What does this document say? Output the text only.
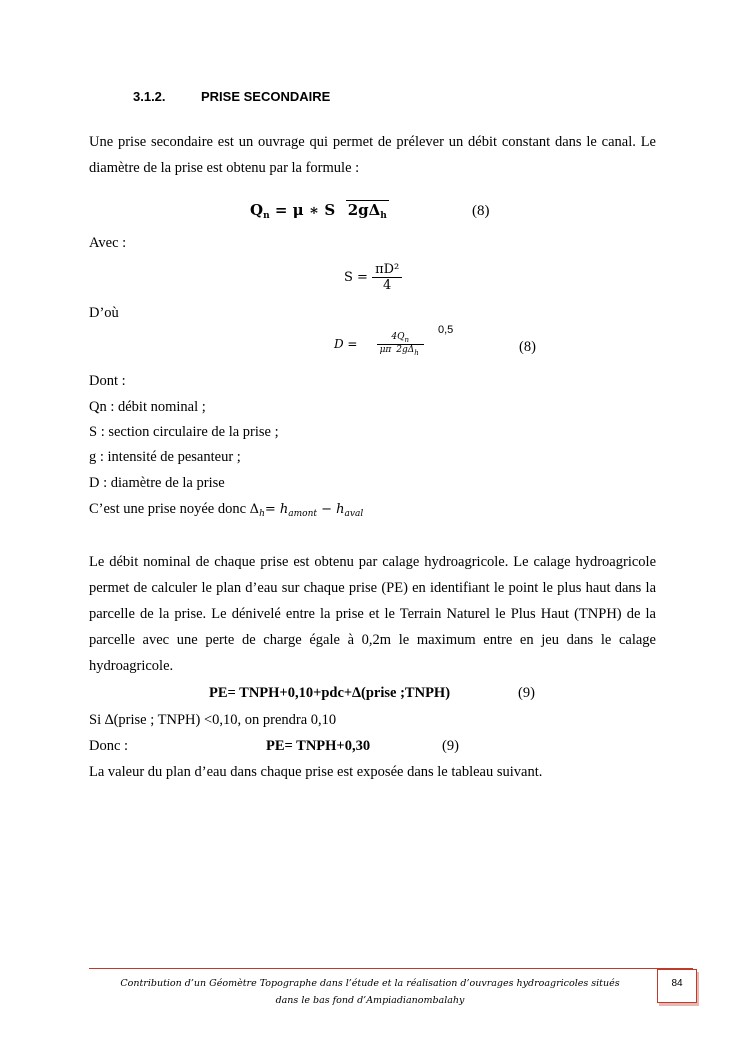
3.1.2.	PRISE SECONDAIRE
Une prise secondaire est un ouvrage qui permet de prélever un débit constant dans le canal. Le diamètre de la prise est obtenu par la formule :
$Q_n = \mu$ ∗ S  $2g\Delta_h$	(8)
Avec :
$S = \frac{\text{πD²}}{4}$
D’où
$D = \frac{4Q_n}{\mu\pi 2g\Delta_h}$
0,5
(8)
Dont :
Qn : débit nominal ;
S : section circulaire de la prise ;
g : intensité de pesanteur ;
D : diamètre de la prise
C’est une prise noyée donc $\Delta_h= h_{amont} - h_{aval}$
Le débit nominal de chaque prise est obtenu par calage hydroagricole. Le calage hydroagricole permet de calculer le plan d’eau sur chaque prise (PE) en identifiant le point le plus haut dans la parcelle de la prise. Le dénivelé entre la prise et le Terrain Naturel le Plus Haut (TNPH) de la parcelle avec une perte de charge égale à 0,2m le maximum entre en jeu dans le calage hydroagricole.
PE= TNPH+0,10+pdc+∆(prise ;TNPH)	(9)
Si ∆(prise ; TNPH) <0,10, on prendra 0,10
Donc :	PE= TNPH+0,30	(9)
La valeur du plan d’eau dans chaque prise est exposée dans le tableau suivant.
Contribution d’un Géomètre Topographe dans l’étude et la réalisation d’ouvrages hydroagricoles situés dans le bas fond d’Ampiadianombalahy
84
